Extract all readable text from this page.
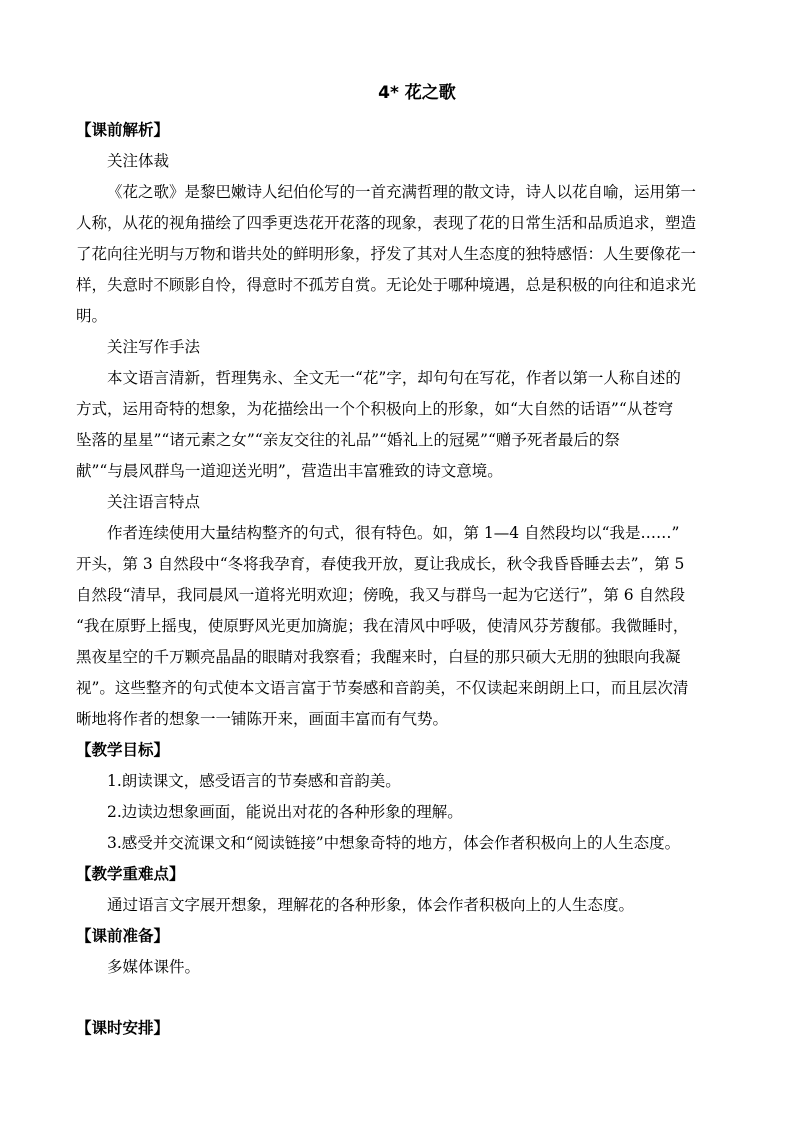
4* 花之歌
【课前解析】
关注体裁
《花之歌》是黎巴嫩诗人纪伯伦写的一首充满哲理的散文诗，诗人以花自喻，运用第一
人称，从花的视角描绘了四季更迭花开花落的现象，表现了花的日常生活和品质追求，塑造
了花向往光明与万物和谐共处的鲜明形象，抒发了其对人生态度的独特感悟：人生要像花一
样，失意时不顾影自怜，得意时不孤芳自赏。无论处于哪种境遇，总是积极的向往和追求光
明。
关注写作手法
本文语言清新，哲理隽永、全文无一“花”字，却句句在写花，作者以第一人称自述的
方式，运用奇特的想象，为花描绘出一个个积极向上的形象，如“大自然的话语”“从苍穹
坠落的星星”“诸元素之女”“亲友交往的礼品”“婚礼上的冠冕”“赠予死者最后的祭
献”“与晨风群鸟一道迎送光明”，营造出丰富雅致的诗文意境。
关注语言特点
作者连续使用大量结构整齐的句式，很有特色。如，第 1—4 自然段均以“我是……”
开头，第 3 自然段中“冬将我孕育，春使我开放，夏让我成长，秋令我昏昏睡去去”，第 5
自然段“清早，我同晨风一道将光明欢迎；傍晚，我又与群鸟一起为它送行”，第 6 自然段
“我在原野上摇曳，使原野风光更加旖旎；我在清风中呼吸，使清风芬芳馥郁。我微睡时，
黑夜星空的千万颗亮晶晶的眼睛对我察看；我醒来时，白昼的那只硕大无朋的独眼向我凝
视”。这些整齐的句式使本文语言富于节奏感和音韵美，不仅读起来朗朗上口，而且层次清
晰地将作者的想象一一铺陈开来，画面丰富而有气势。
【教学目标】
1.朗读课文，感受语言的节奏感和音韵美。
2.边读边想象画面，能说出对花的各种形象的理解。
3.感受并交流课文和“阅读链接”中想象奇特的地方，体会作者积极向上的人生态度。
【教学重难点】
通过语言文字展开想象，理解花的各种形象，体会作者积极向上的人生态度。
【课前准备】
多媒体课件。
【课时安排】
